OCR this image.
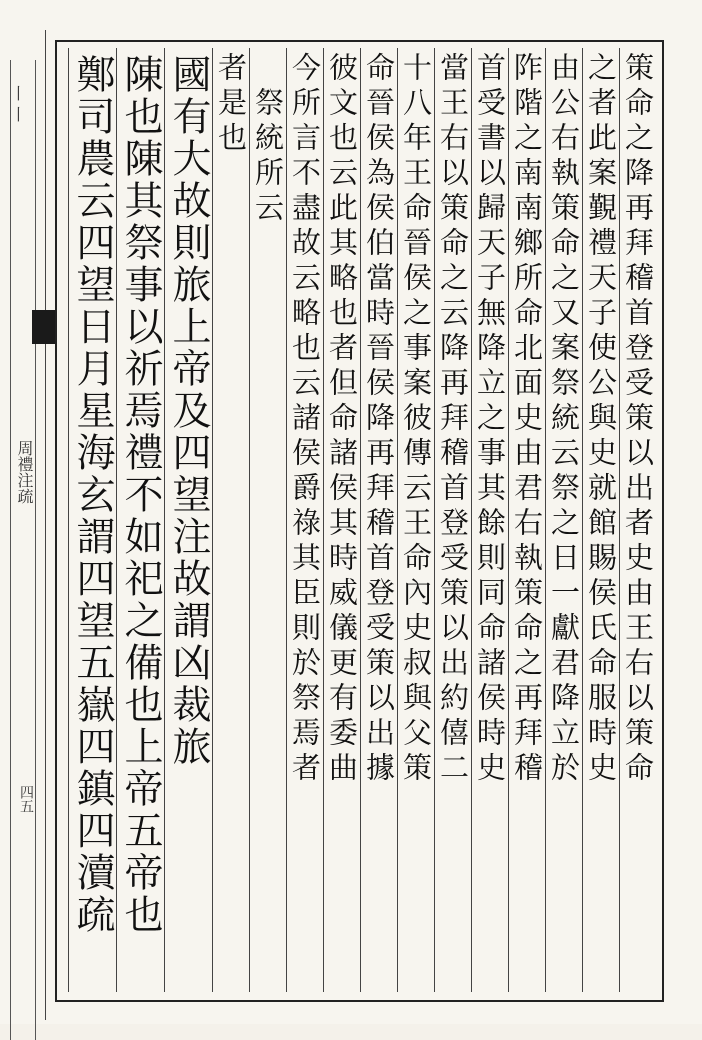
丨 丨
周禮注疏
四五
策命之降再拜稽首登受策以出者史由王右以策命
之者此案覲禮天子使公與史就館賜侯氏命服時史
由公右執策命之又案祭統云祭之日一獻君降立於
阼階之南南鄉所命北面史由君右執策命之再拜稽
首受書以歸天子無降立之事其餘則同命諸侯時史
當王右以策命之云降再拜稽首登受策以出約僖二
十八年王命晉侯之事案彼傳云王命內史叔與父策
命晉侯為侯伯當時晉侯降再拜稽首登受策以出據
彼文也云此其略也者但命諸侯其時威儀更有委曲
今所言不盡故云略也云諸侯爵祿其臣則於祭焉者
　祭統所云
者是也
國有大故則旅上帝及四望注故謂凶裁旅
陳也陳其祭事以祈焉禮不如祀之備也上帝五帝也
鄭司農云四望日月星海玄謂四望五嶽四鎮四瀆疏
